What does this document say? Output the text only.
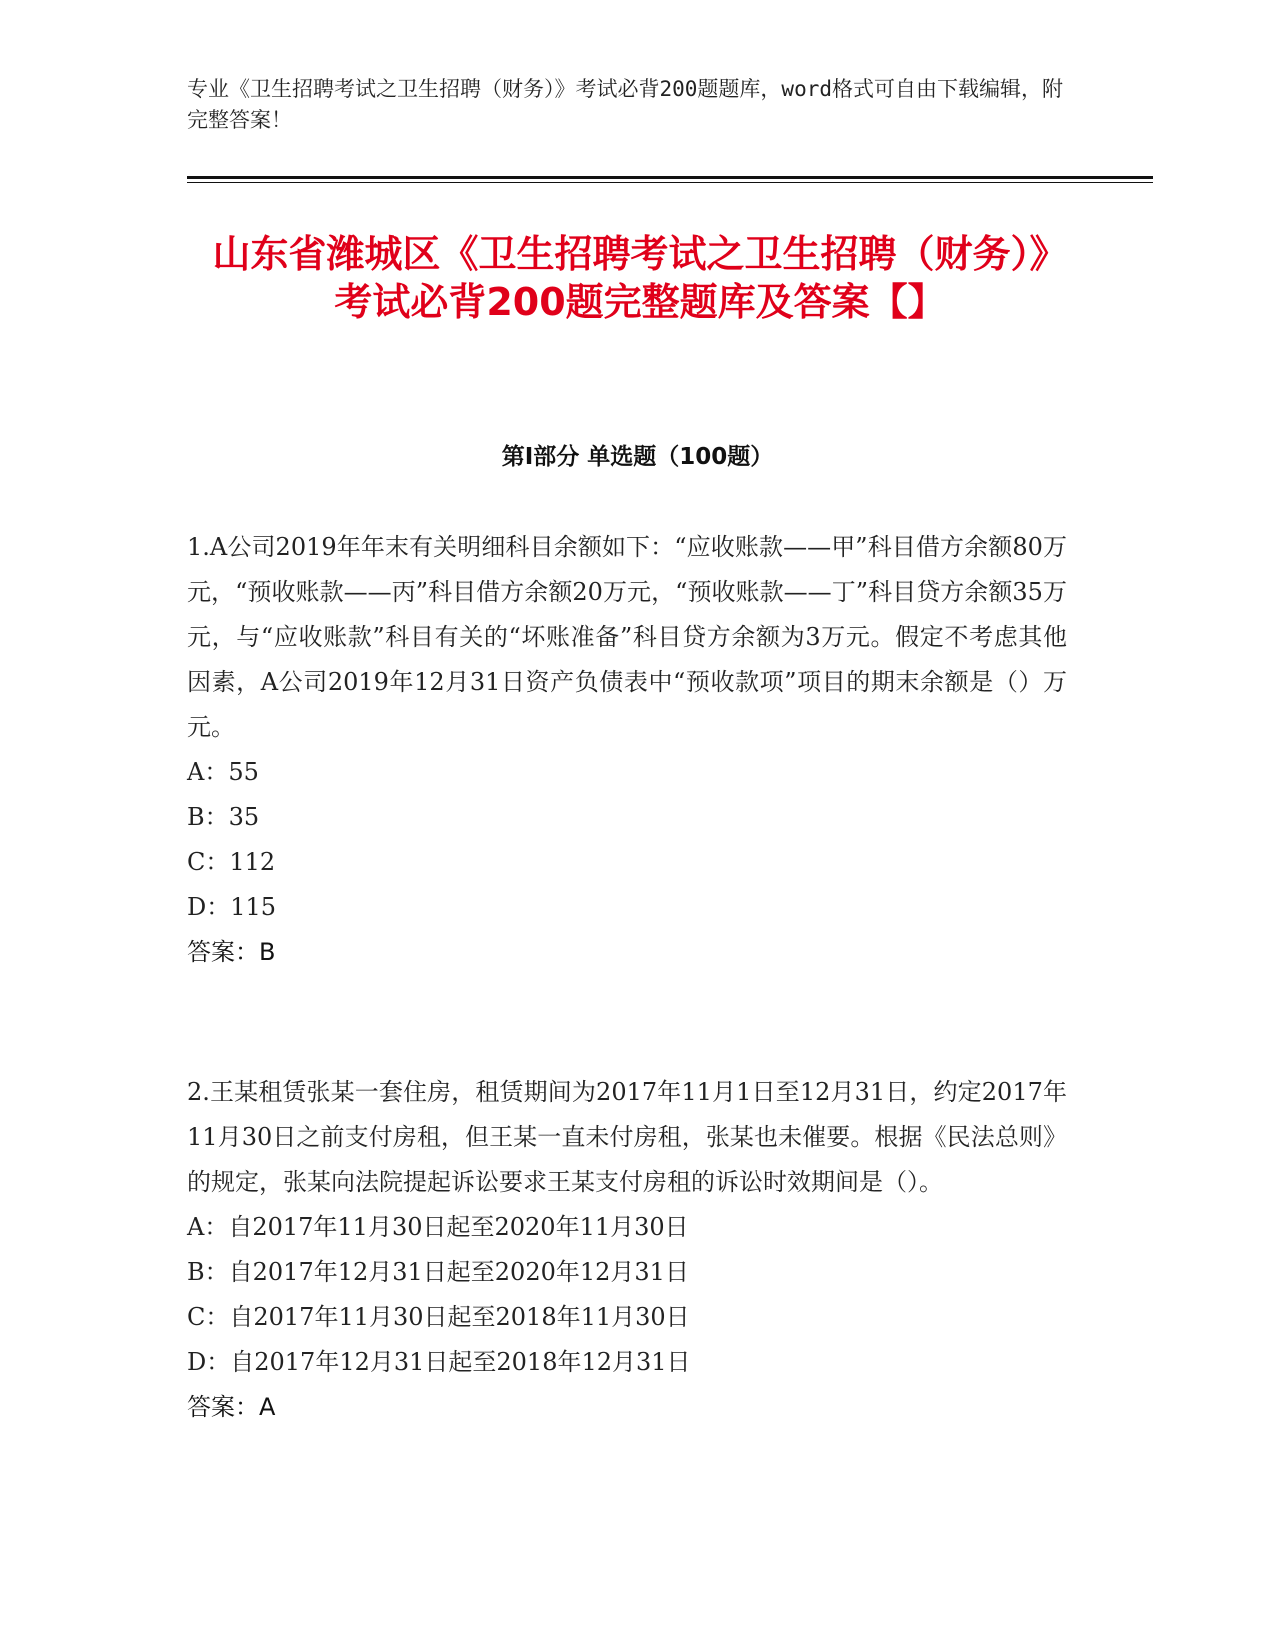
专业《卫生招聘考试之卫生招聘（财务）》考试必背200题题库，word格式可自由下载编辑，附完整答案！
山东省潍城区《卫生招聘考试之卫生招聘（财务）》考试必背200题完整题库及答案【】
第I部分 单选题（100题）

1.A公司2019年年末有关明细科目余额如下：“应收账款——甲”科目借方余额80万元，“预收账款——丙”科目借方余额20万元，“预收账款——丁”科目贷方余额35万元，与“应收账款”科目有关的“坏账准备”科目贷方余额为3万元。假定不考虑其他因素，A公司2019年12月31日资产负债表中“预收款项”项目的期末余额是（）万元。

A：55

B：35

C：112

D：115

答案：B

2.王某租赁张某一套住房，租赁期间为2017年11月1日至12月31日，约定2017年11月30日之前支付房租，但王某一直未付房租，张某也未催要。根据《民法总则》的规定，张某向法院提起诉讼要求王某支付房租的诉讼时效期间是（）。

A：自2017年11月30日起至2020年11月30日

B：自2017年12月31日起至2020年12月31日

C：自2017年11月30日起至2018年11月30日

D：自2017年12月31日起至2018年12月31日

答案：A
